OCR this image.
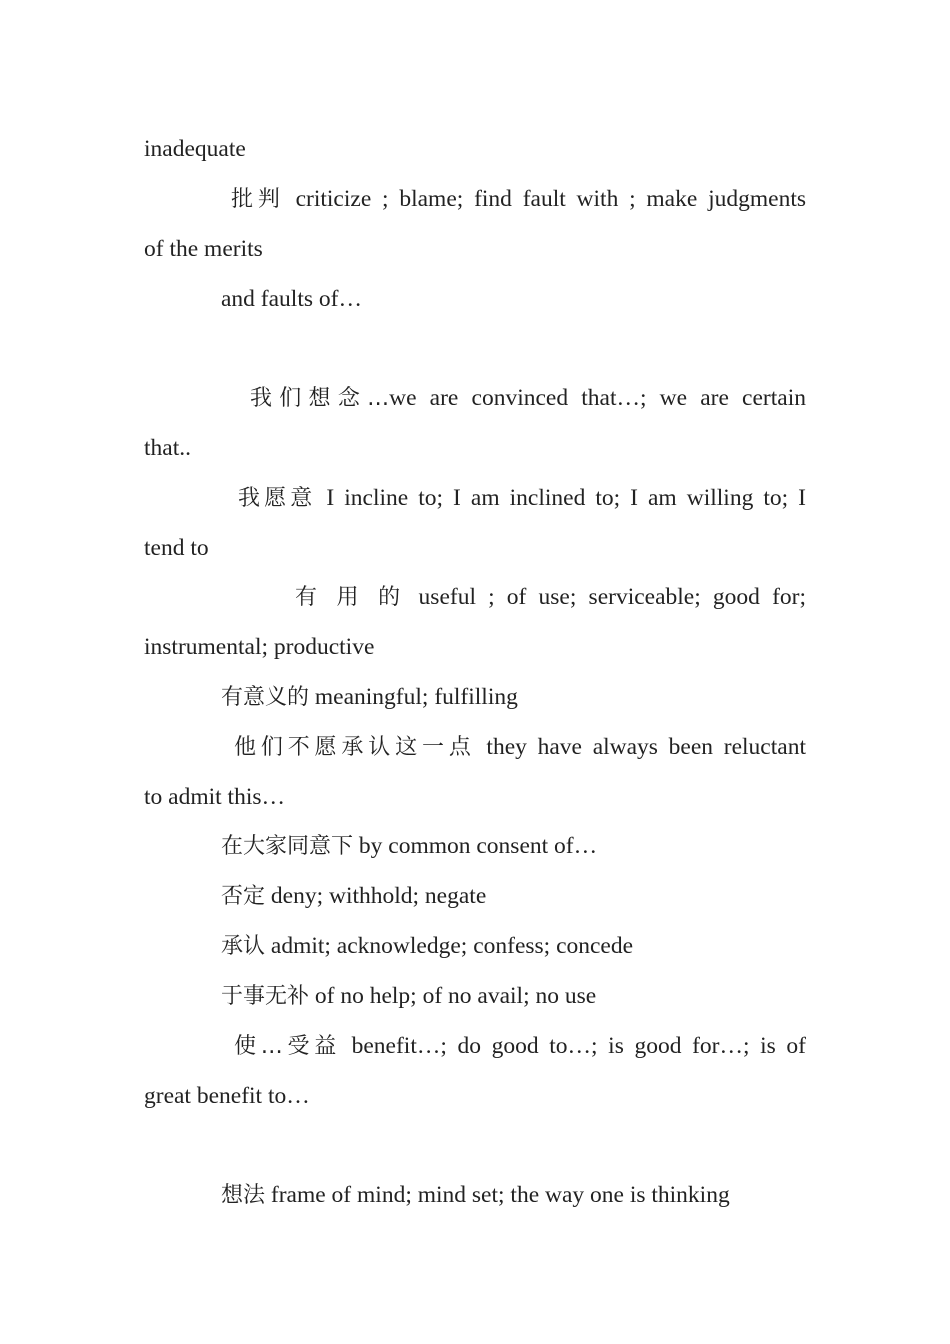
inadequate
批判 criticize ; blame; find fault with ; make judgments
of the merits
and faults of…
我们想念…we are convinced that…; we are certain
that..
我愿意 I incline to; I am inclined to; I am willing to; I
tend to
有 用 的 useful ; of use; serviceable; good for;
instrumental; productive
有意义的 meaningful; fulfilling
他们不愿承认这一点 they have always been reluctant
to admit this…
在大家同意下 by common consent of…
否定 deny; withhold; negate
承认 admit; acknowledge; confess; concede
于事无补 of no help; of no avail; no use
使…受益 benefit…; do good to…; is good for…; is of
great benefit to…
想法 frame of mind; mind set; the way one is thinking
